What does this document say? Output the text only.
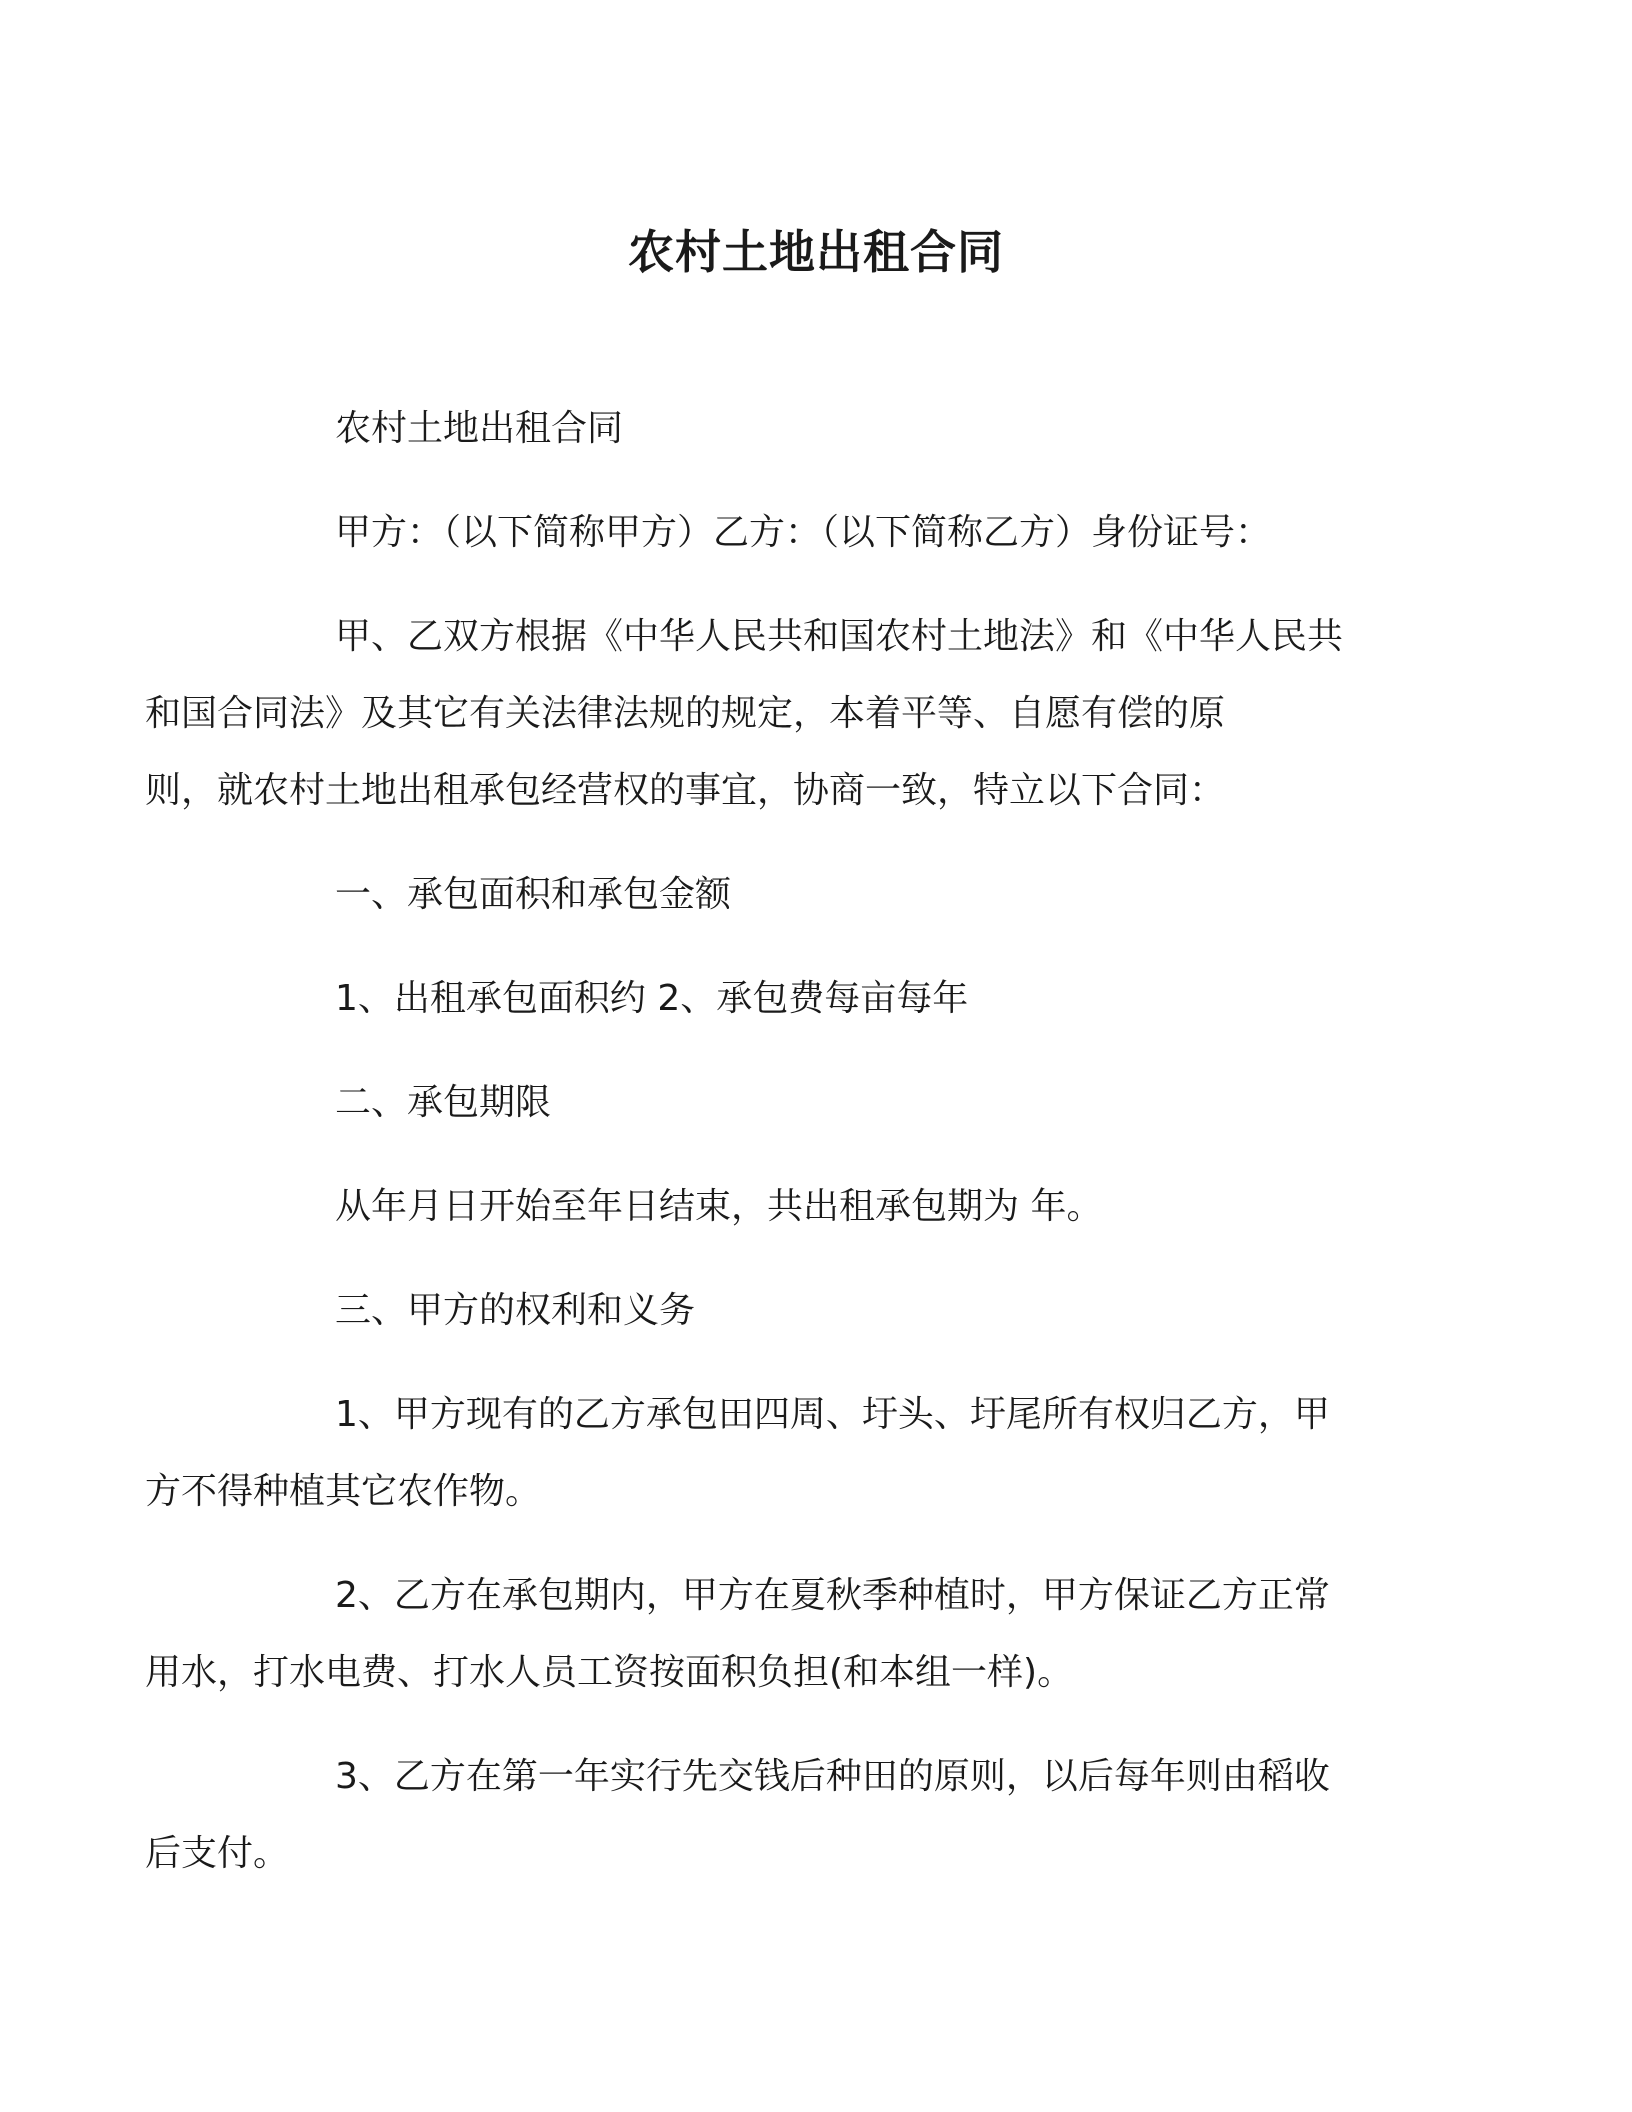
农村土地出租合同

农村土地出租合同

甲方：（以下简称甲方）乙方：（以下简称乙方）身份证号：

甲、乙双方根据《中华人民共和国农村土地法》和《中华人民共
和国合同法》及其它有关法律法规的规定，本着平等、自愿有偿的原
则，就农村土地出租承包经营权的事宜，协商一致，特立以下合同：

一、承包面积和承包金额

1、出租承包面积约 2、承包费每亩每年

二、承包期限

从年月日开始至年日结束，共出租承包期为 年。

三、甲方的权利和义务

1、甲方现有的乙方承包田四周、圩头、圩尾所有权归乙方，甲
方不得种植其它农作物。

2、乙方在承包期内，甲方在夏秋季种植时，甲方保证乙方正常
用水，打水电费、打水人员工资按面积负担(和本组一样)。

3、乙方在第一年实行先交钱后种田的原则，以后每年则由稻收
后支付。
